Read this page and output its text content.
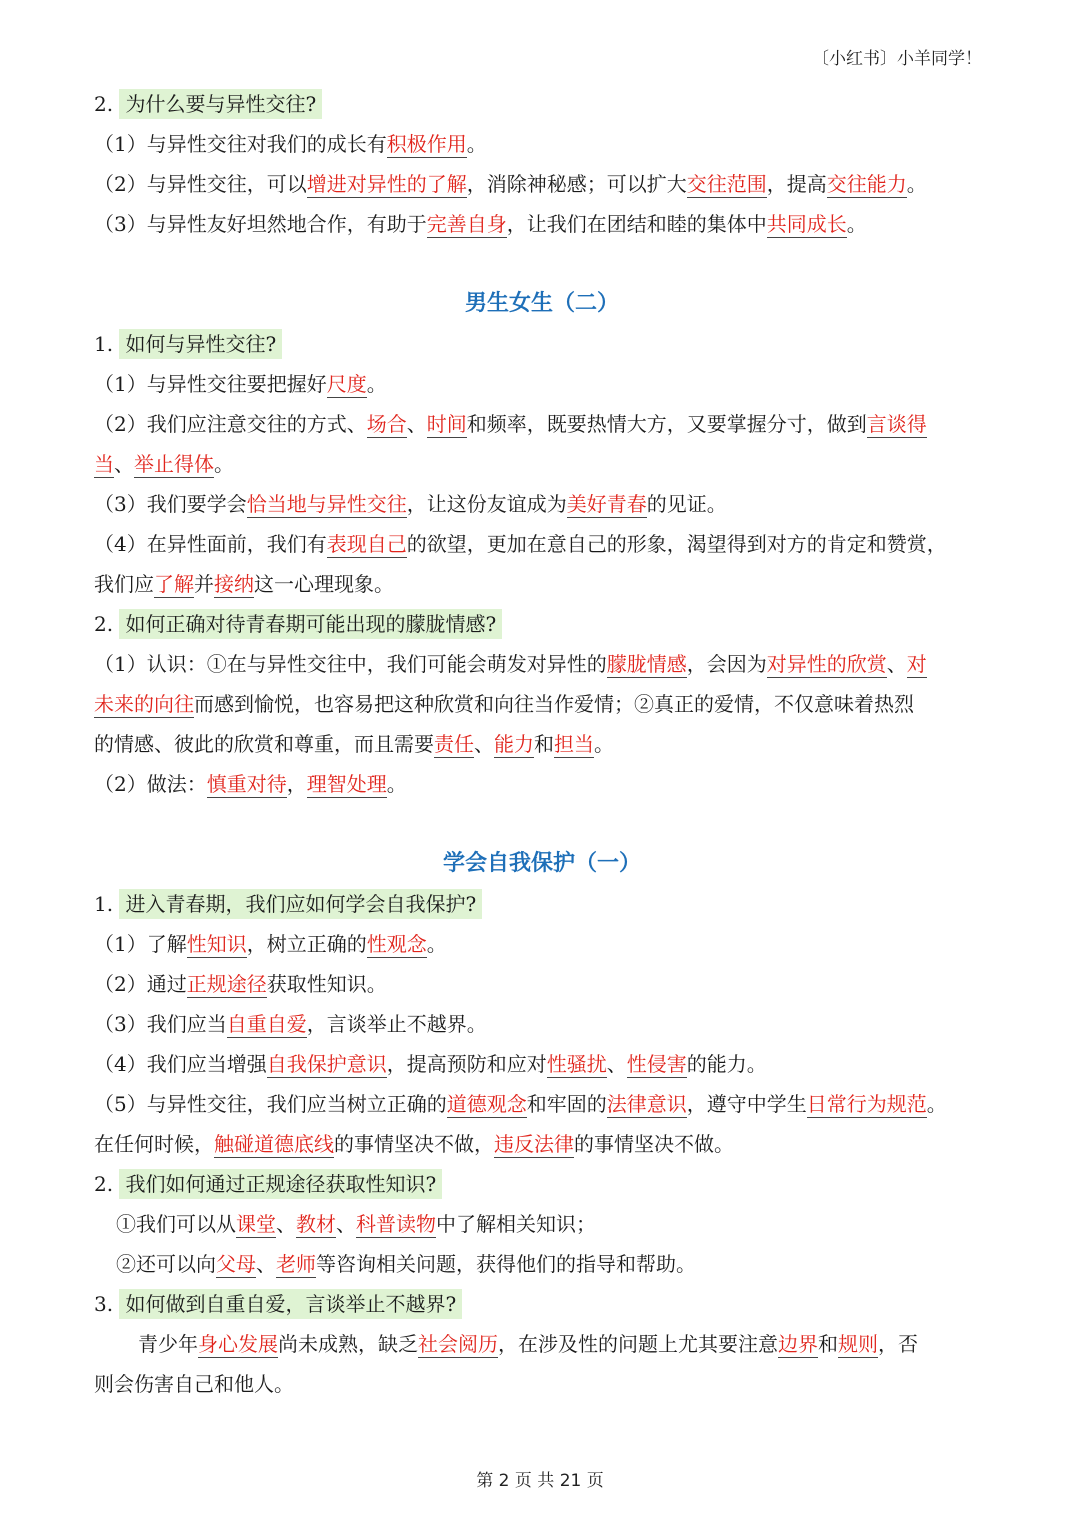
〔小红书〕小羊同学！
2. 为什么要与异性交往?
（1）与异性交往对我们的成长有积极作用。
（2）与异性交往，可以增进对异性的了解，消除神秘感；可以扩大交往范围，提高交往能力。
（3）与异性友好坦然地合作，有助于完善自身，让我们在团结和睦的集体中共同成长。
男生女生（二）
1. 如何与异性交往?
（1）与异性交往要把握好尺度。
（2）我们应注意交往的方式、场合、时间和频率，既要热情大方，又要掌握分寸，做到言谈得
当、举止得体。
（3）我们要学会恰当地与异性交往，让这份友谊成为美好青春的见证。
（4）在异性面前，我们有表现自己的欲望，更加在意自己的形象，渴望得到对方的肯定和赞赏，
我们应了解并接纳这一心理现象。
2. 如何正确对待青春期可能出现的朦胧情感?
（1）认识：①在与异性交往中，我们可能会萌发对异性的朦胧情感，会因为对异性的欣赏、对
未来的向往而感到愉悦，也容易把这种欣赏和向往当作爱情；②真正的爱情，不仅意味着热烈
的情感、彼此的欣赏和尊重，而且需要责任、能力和担当。
（2）做法：慎重对待，理智处理。
学会自我保护（一）
1. 进入青春期，我们应如何学会自我保护?
（1）了解性知识，树立正确的性观念。
（2）通过正规途径获取性知识。
（3）我们应当自重自爱，言谈举止不越界。
（4）我们应当增强自我保护意识，提高预防和应对性骚扰、性侵害的能力。
（5）与异性交往，我们应当树立正确的道德观念和牢固的法律意识，遵守中学生日常行为规范。
在任何时候，触碰道德底线的事情坚决不做，违反法律的事情坚决不做。
2. 我们如何通过正规途径获取性知识?
①我们可以从课堂、教材、科普读物中了解相关知识；
②还可以向父母、老师等咨询相关问题，获得他们的指导和帮助。
3. 如何做到自重自爱，言谈举止不越界?
青少年身心发展尚未成熟，缺乏社会阅历，在涉及性的问题上尤其要注意边界和规则，否
则会伤害自己和他人。
第 2 页 共 21 页
